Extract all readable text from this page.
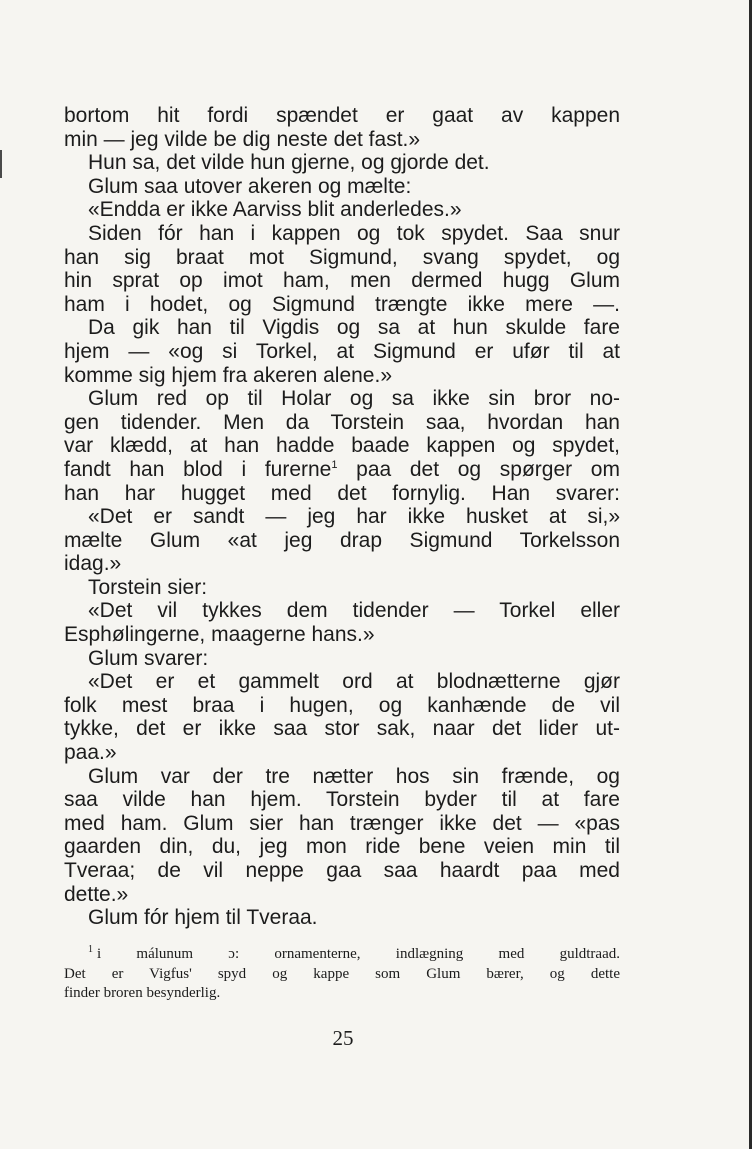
bortom hit fordi spændet er gaat av kappen
min — jeg vilde be dig neste det fast.»
Hun sa, det vilde hun gjerne, og gjorde det.
Glum saa utover akeren og mælte:
«Endda er ikke Aarviss blit anderledes.»
Siden fór han i kappen og tok spydet. Saa snur
han sig braat mot Sigmund, svang spydet, og
hin sprat op imot ham, men dermed hugg Glum
ham i hodet, og Sigmund trængte ikke mere —.
Da gik han til Vigdis og sa at hun skulde fare
hjem — «og si Torkel, at Sigmund er ufør til at
komme sig hjem fra akeren alene.»
Glum red op til Holar og sa ikke sin bror no-
gen tidender. Men da Torstein saa, hvordan han
var klædd, at han hadde baade kappen og spydet,
fandt han blod i furerne$^1$ paa det og spørger om
han har hugget med det fornylig. Han svarer:
«Det er sandt — jeg har ikke husket at si,»
mælte Glum «at jeg drap Sigmund Torkelsson
idag.»
Torstein sier:
«Det vil tykkes dem tidender — Torkel eller
Esphølingerne, maagerne hans.»
Glum svarer:
«Det er et gammelt ord at blodnætterne gjør
folk mest braa i hugen, og kanhænde de vil
tykke, det er ikke saa stor sak, naar det lider ut-
paa.»
Glum var der tre nætter hos sin frænde, og
saa vilde han hjem. Torstein byder til at fare
med ham. Glum sier han trænger ikke det — «pas
gaarden din, du, jeg mon ride bene veien min til
Tveraa; de vil neppe gaa saa haardt paa med
dette.»
Glum fór hjem til Tveraa.
$^1$ i málunum ɔ: ornamenterne, indlægning med guldtraad.
Det er Vigfus' spyd og kappe som Glum bærer, og dette
finder broren besynderlig.
25
